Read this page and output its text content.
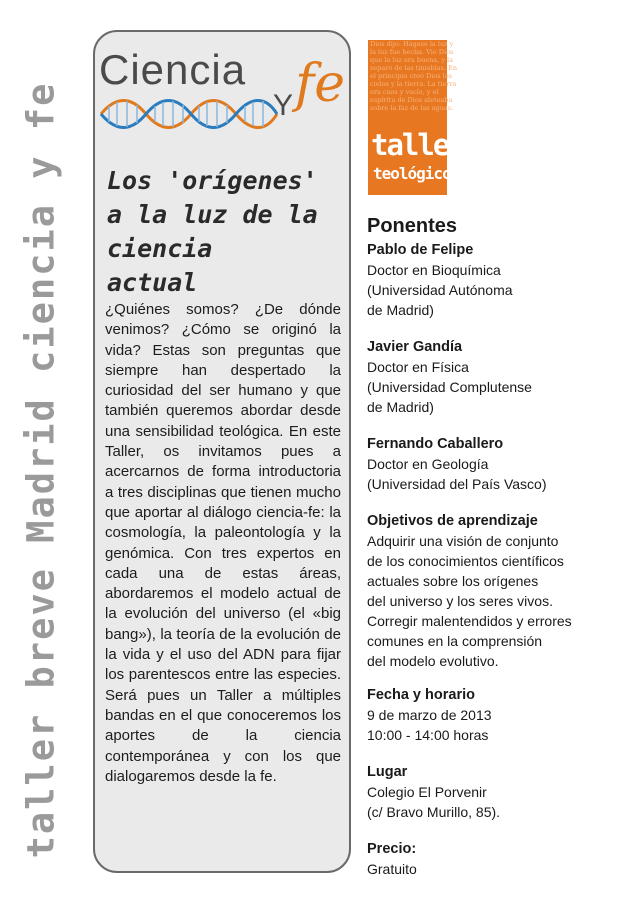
taller breve Madrid ciencia y fe
Ciencia
Y fe
Los 'orígenes'
a la luz de la ciencia
actual

¿Quiénes somos? ¿De dónde venimos? ¿Cómo se originó la vida? Estas son preguntas que siempre han despertado la curiosidad del ser humano y que también queremos abordar desde una sensibilidad teológica. En este Taller, os invitamos pues a acercarnos de forma introductoria a tres disciplinas que tienen mucho que aportar al diálogo ciencia-fe: la cosmología, la paleontología y la genómica. Con tres expertos en cada una de estas áreas, abordaremos el modelo actual de la evolución del universo (el «big bang»), la teoría de la evolución de la vida y el uso del ADN para fijar los parentescos entre las especies. Será pues un Taller a múltiples bandas en el que conoceremos los aportes de la ciencia contemporánea y con los que dialogaremos desde la fe.

Dios dijo: Hágase la luz y
la luz fue hecha. Vio Dios
que la luz era buena, y la
separó de las tinieblas. En
el principio creó Dios los
cielos y la tierra. La tierra
era caos y vacío, y el
espíritu de Dios aleteaba
sobre la faz de las aguas.
taller
teológico
Ponentes

Pablo de Felipe

Doctor en Bioquímica
(Universidad Autónoma
de Madrid)

Javier Gandía

Doctor en Física
(Universidad Complutense
de Madrid)

Fernando Caballero

Doctor en Geología
(Universidad del País Vasco)

Objetivos de aprendizaje

Adquirir una visión de conjunto
de los conocimientos científicos
actuales sobre los orígenes
del universo y los seres vivos.
Corregir malentendidos y errores
comunes en la comprensión
del modelo evolutivo.

Fecha y horario

9 de marzo de 2013
10:00 - 14:00 horas

Lugar

Colegio El Porvenir
(c/ Bravo Murillo, 85).

Precio:

Gratuito
